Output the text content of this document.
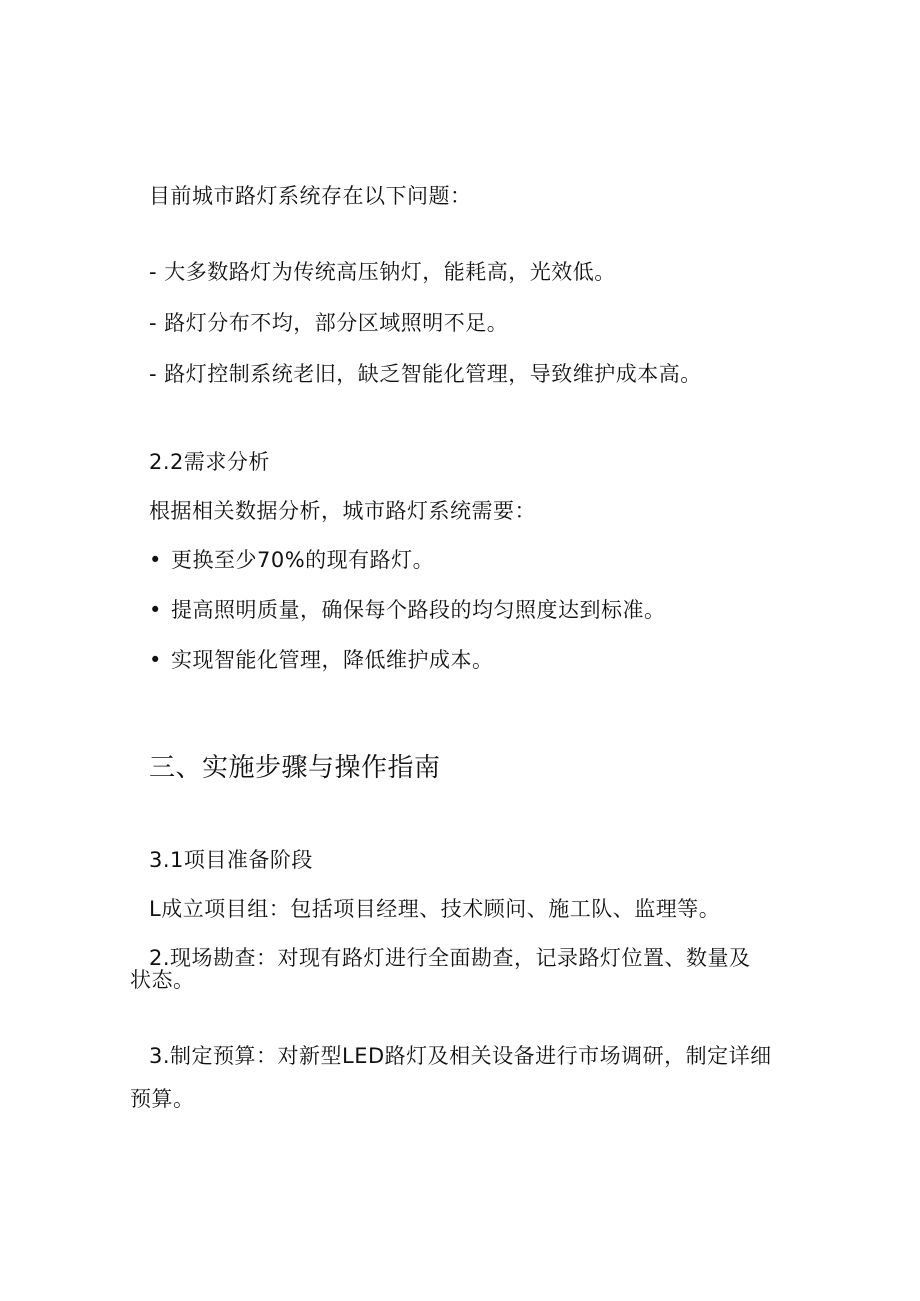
目前城市路灯系统存在以下问题：
- 大多数路灯为传统高压钠灯，能耗高，光效低。
- 路灯分布不均，部分区域照明不足。
- 路灯控制系统老旧，缺乏智能化管理，导致维护成本高。
2.2需求分析
根据相关数据分析，城市路灯系统需要：
• 更换至少70%的现有路灯。
• 提高照明质量，确保每个路段的均匀照度达到标准。
• 实现智能化管理，降低维护成本。
三、实施步骤与操作指南
3.1项目准备阶段
L成立项目组：包括项目经理、技术顾问、施工队、监理等。
2.现场勘查：对现有路灯进行全面勘查，记录路灯位置、数量及
状态。
3.制定预算：对新型LED路灯及相关设备进行市场调研，制定详细
预算。
